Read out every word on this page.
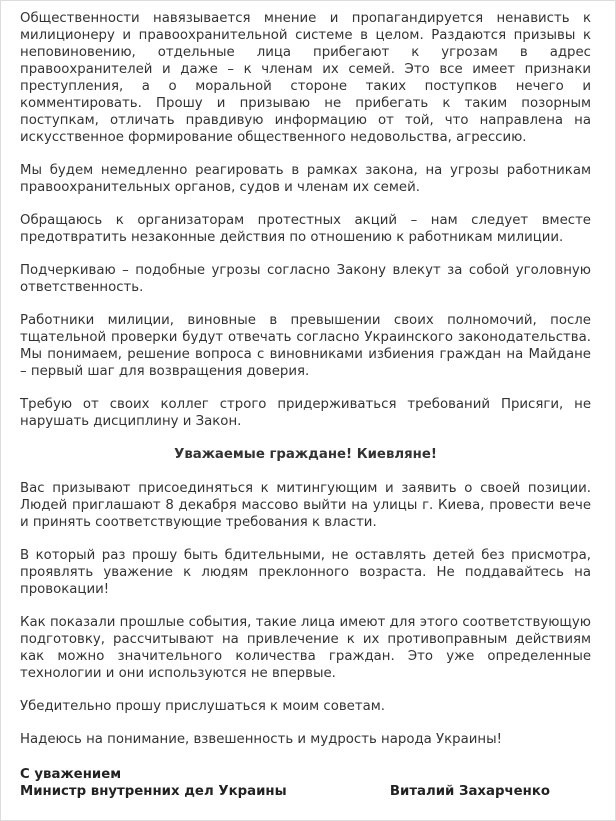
Общественности навязывается мнение и пропагандируется ненависть к милиционеру и правоохранительной системе в целом. Раздаются призывы к неповиновению, отдельные лица прибегают к угрозам в адрес правоохранителей и даже – к членам их семей. Это все имеет признаки преступления, а о моральной стороне таких поступков нечего и комментировать. Прошу и призываю не прибегать к таким позорным поступкам, отличать правдивую информацию от той, что направлена на искусственное формирование общественного недовольства, агрессию.

Мы будем немедленно реагировать в рамках закона, на угрозы работникам правоохранительных органов, судов и членам их семей.

Обращаюсь к организаторам протестных акций – нам следует вместе предотвратить незаконные действия по отношению к работникам милиции.

Подчеркиваю – подобные угрозы согласно Закону влекут за собой уголовную ответственность.

Работники милиции, виновные в превышении своих полномочий, после тщательной проверки будут отвечать согласно Украинского законодательства. Мы понимаем, решение вопроса с виновниками избиения граждан на Майдане – первый шаг для возвращения доверия.

Требую от своих коллег строго придерживаться требований Присяги, не нарушать дисциплину и Закон.

Уважаемые граждане! Киевляне!

Вас призывают присоединяться к митингующим и заявить о своей позиции. Людей приглашают 8 декабря массово выйти на улицы г. Киева, провести вече и принять соответствующие требования к власти.

В который раз прошу быть бдительными, не оставлять детей без присмотра, проявлять уважение к людям преклонного возраста. Не поддавайтесь на провокации!

Как показали прошлые события, такие лица имеют для этого соответствующую подготовку, рассчитывают на привлечение к их противоправным действиям как можно значительного количества граждан. Это уже определенные технологии и они используются не впервые.

Убедительно прошу прислушаться к моим советам.

Надеюсь на понимание, взвешенность и мудрость народа Украины!

С уважением
Министр внутренних дел Украины	Виталий Захарченко
